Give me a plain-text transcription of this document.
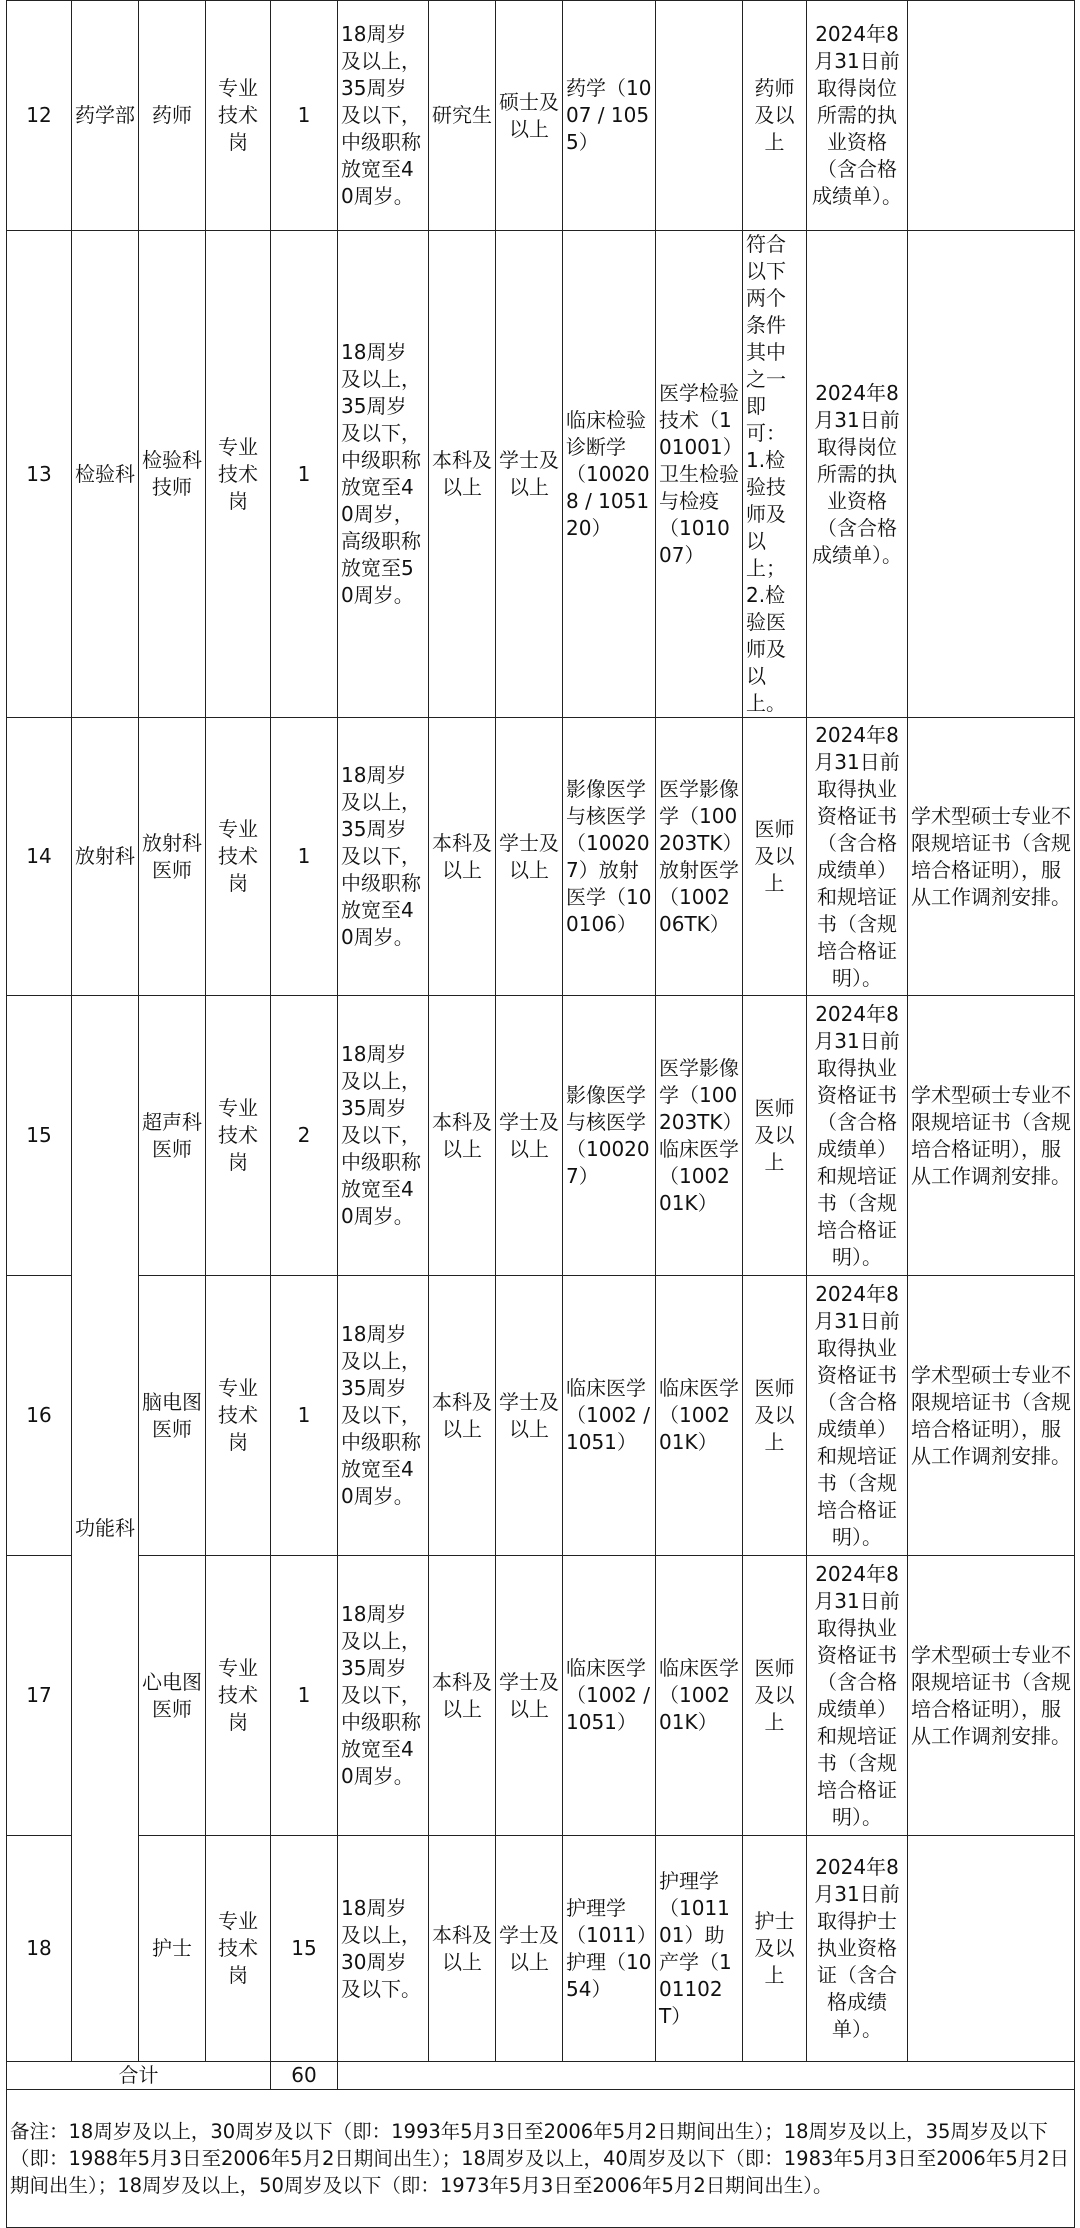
12	药学部	药师	专业技术岗	1	18周岁及以上，35周岁及以下，中级职称放宽至40周岁。	研究生	硕士及以上	药学（1007 / 1055）		药师及以上	2024年8月31日前取得岗位所需的执业资格（含合格成绩单）。	
13	检验科	检验科技师	专业技术岗	1	18周岁及以上，35周岁及以下，中级职称放宽至40周岁，高级职称放宽至50周岁。	本科及以上	学士及以上	临床检验诊断学（100208 / 105120）	医学检验技术（101001）卫生检验与检疫（101007）	符合以下两个条件其中之一即可：1.检验技师及以上；2.检验医师及以上。	2024年8月31日前取得岗位所需的执业资格（含合格成绩单）。	
14	放射科	放射科医师	专业技术岗	1	18周岁及以上，35周岁及以下，中级职称放宽至40周岁。	本科及以上	学士及以上	影像医学与核医学（100207）放射医学（100106）	医学影像学（100203TK）放射医学（100206TK）	医师及以上	2024年8月31日前取得执业资格证书（含合格成绩单）和规培证书（含规培合格证明）。	学术型硕士专业不限规培证书（含规培合格证明），服从工作调剂安排。
15	功能科	超声科医师	专业技术岗	2	18周岁及以上，35周岁及以下，中级职称放宽至40周岁。	本科及以上	学士及以上	影像医学与核医学（100207）	医学影像学（100203TK）临床医学（100201K）	医师及以上	2024年8月31日前取得执业资格证书（含合格成绩单）和规培证书（含规培合格证明）。	学术型硕士专业不限规培证书（含规培合格证明），服从工作调剂安排。
16		脑电图医师	专业技术岗	1	18周岁及以上，35周岁及以下，中级职称放宽至40周岁。	本科及以上	学士及以上	临床医学（1002 / 1051）	临床医学（100201K）	医师及以上	2024年8月31日前取得执业资格证书（含合格成绩单）和规培证书（含规培合格证明）。	学术型硕士专业不限规培证书（含规培合格证明），服从工作调剂安排。
17		心电图医师	专业技术岗	1	18周岁及以上，35周岁及以下，中级职称放宽至40周岁。	本科及以上	学士及以上	临床医学（1002 / 1051）	临床医学（100201K）	医师及以上	2024年8月31日前取得执业资格证书（含合格成绩单）和规培证书（含规培合格证明）。	学术型硕士专业不限规培证书（含规培合格证明），服从工作调剂安排。
18		护士	专业技术岗	15	18周岁及以上，30周岁及以下。	本科及以上	学士及以上	护理学（1011）护理（1054）	护理学（101101）助产学（101102T）	护士及以上	2024年8月31日前取得护士执业资格证（含合格成绩单）。	
合计				60								
备注：18周岁及以上，30周岁及以下（即：1993年5月3日至2006年5月2日期间出生）；18周岁及以上，35周岁及以下（即：1988年5月3日至2006年5月2日期间出生）；18周岁及以上，40周岁及以下（即：1983年5月3日至2006年5月2日期间出生）；18周岁及以上，50周岁及以下（即：1973年5月3日至2006年5月2日期间出生）。												
